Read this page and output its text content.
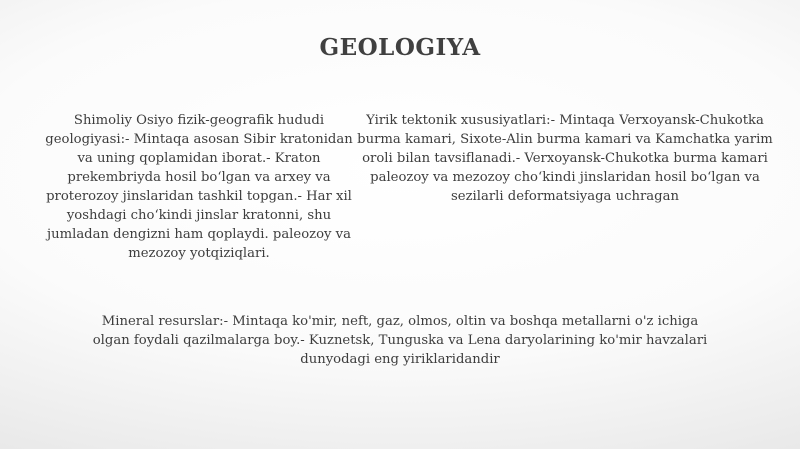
GEOLOGIYA

Shimoliy Osiyo fizik-geografik hududi geologiyasi:- Mintaqa asosan Sibir kratonidan va uning qoplamidan iborat.- Kraton prekembriyda hosil bo‘lgan va arxey va proterozoy jinslaridan tashkil topgan.- Har xil yoshdagi cho‘kindi jinslar kratonni, shu jumladan dengizni ham qoplaydi. paleozoy va mezozoy yotqiziqlari.

Yirik tektonik xususiyatlari:- Mintaqa Verxoyansk-Chukotka burma kamari, Sixote-Alin burma kamari va Kamchatka yarim oroli bilan tavsiflanadi.- Verxoyansk-Chukotka burma kamari paleozoy va mezozoy cho‘kindi jinslaridan hosil bo‘lgan va sezilarli deformatsiyaga uchragan

Mineral resurslar:- Mintaqa ko'mir, neft, gaz, olmos, oltin va boshqa metallarni o'z ichiga olgan foydali qazilmalarga boy.- Kuznetsk, Tunguska va Lena daryolarining ko'mir havzalari dunyodagi eng yiriklaridandir
